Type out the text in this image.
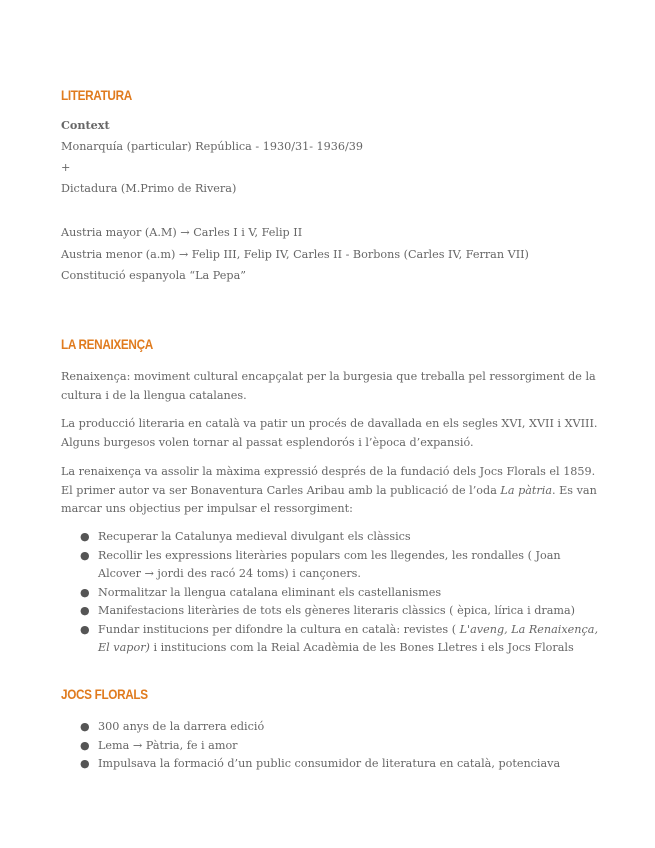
LITERATURA

Context

Monarquía (particular) República - 1930/31- 1936/39

+

Dictadura (M.Primo de Rivera)

Austria mayor (A.M) → Carles I i V, Felip II

Austria menor (a.m) → Felip III, Felip IV, Carles II - Borbons (Carles IV, Ferran VII)

Constitució espanyola “La Pepa”

LA RENAIXENÇA

Renaixença: moviment cultural encapçalat per la burgesia que treballa pel ressorgiment de la cultura i de la llengua catalanes.

La producció literaria en català va patir un procés de davallada en els segles XVI, XVII i XVIII. Alguns burgesos volen tornar al passat esplendorós i l’època d’expansió.

La renaixença va assolir la màxima expressió després de la fundació dels Jocs Florals el 1859. El primer autor va ser Bonaventura Carles Aribau amb la publicació de l’oda La pàtria. Es van marcar uns objectius per impulsar el ressorgiment:

● Recuperar la Catalunya medieval divulgant els clàssics
● Recollir les expressions literàries populars com les llegendes, les rondalles ( Joan Alcover → jordi des racó 24 toms) i cançoners.
● Normalitzar la llengua catalana eliminant els castellanismes
● Manifestacions literàries de tots els gèneres literaris clàssics ( èpica, lírica i drama)
● Fundar institucions per difondre la cultura en català: revistes ( L'aveng, La Renaixença, El vapor) i institucions com la Reial Acadèmia de les Bones Lletres i els Jocs Florals
JOCS FLORALS
● 300 anys de la darrera edició
● Lema → Pàtria, fe i amor
● Impulsava la formació d’un public consumidor de literatura en català, potenciava
